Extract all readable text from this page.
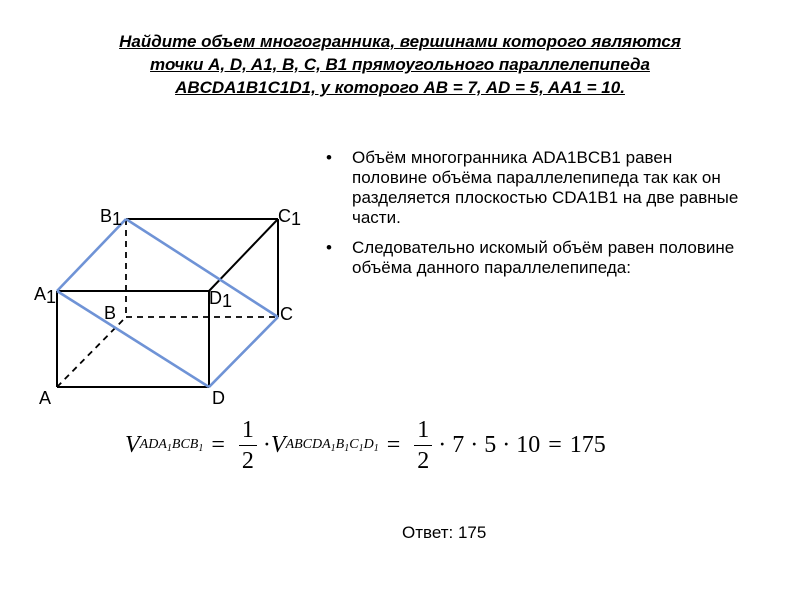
Найдите объем многогранника, вершинами которого являются
точки A, D, A1, B, C, B1 прямоугольного параллелепипеда
ABCDA1B1C1D1, у которого AB = 7, AD = 5, AA1 = 10.
B1	C1
A1	D1
B	C
A	D
• Объём многогранника ADA1BCB1 равен половине объёма параллелепипеда так как он разделяется плоскостью CDA1B1 на две равные части.
• Следовательно искомый объём равен половине объёма данного параллелепипеда:
V $ADA_1BCB_1 = \frac{1}{2} \cdot V$ $ABCDA_1B_1C_1D_1 = \frac{1}{2} \cdot 7 \cdot 5 \cdot 10 = 175$
Ответ: 175
